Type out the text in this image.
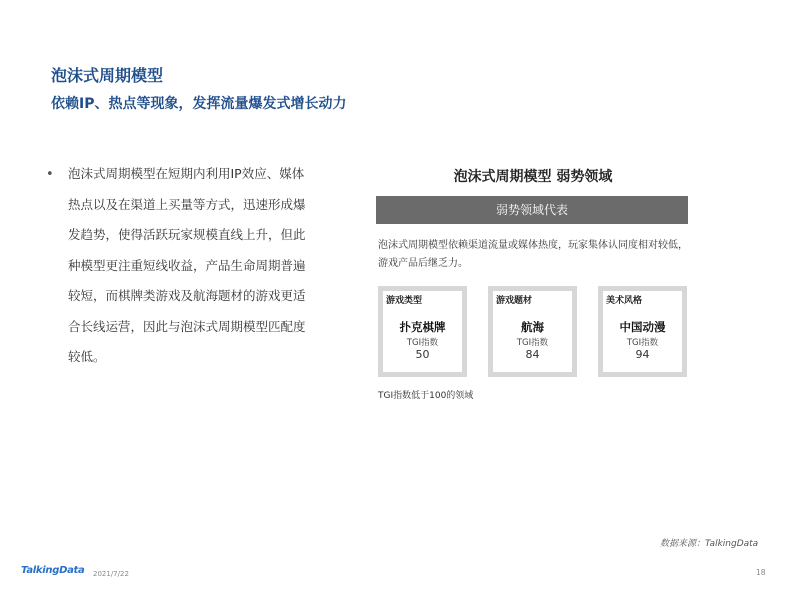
泡沫式周期模型
依赖IP、热点等现象，发挥流量爆发式增长动力
• 泡沫式周期模型在短期内利用IP效应、媒体热点以及在渠道上买量等方式，迅速形成爆发趋势，使得活跃玩家规模直线上升，但此种模型更注重短线收益，产品生命周期普遍较短，而棋牌类游戏及航海题材的游戏更适合长线运营，因此与泡沫式周期模型匹配度较低。
泡沫式周期模型 弱势领域
弱势领域代表
泡沫式周期模型依赖渠道流量或媒体热度，玩家集体认同度相对较低，游戏产品后继乏力。
游戏类型
扑克棋牌
TGI指数
50
游戏题材
航海
TGI指数
84
美术风格
中国动漫
TGI指数
94
TGI指数低于100的领域
数据来源：TalkingData
TalkingData 2021/7/22	18
